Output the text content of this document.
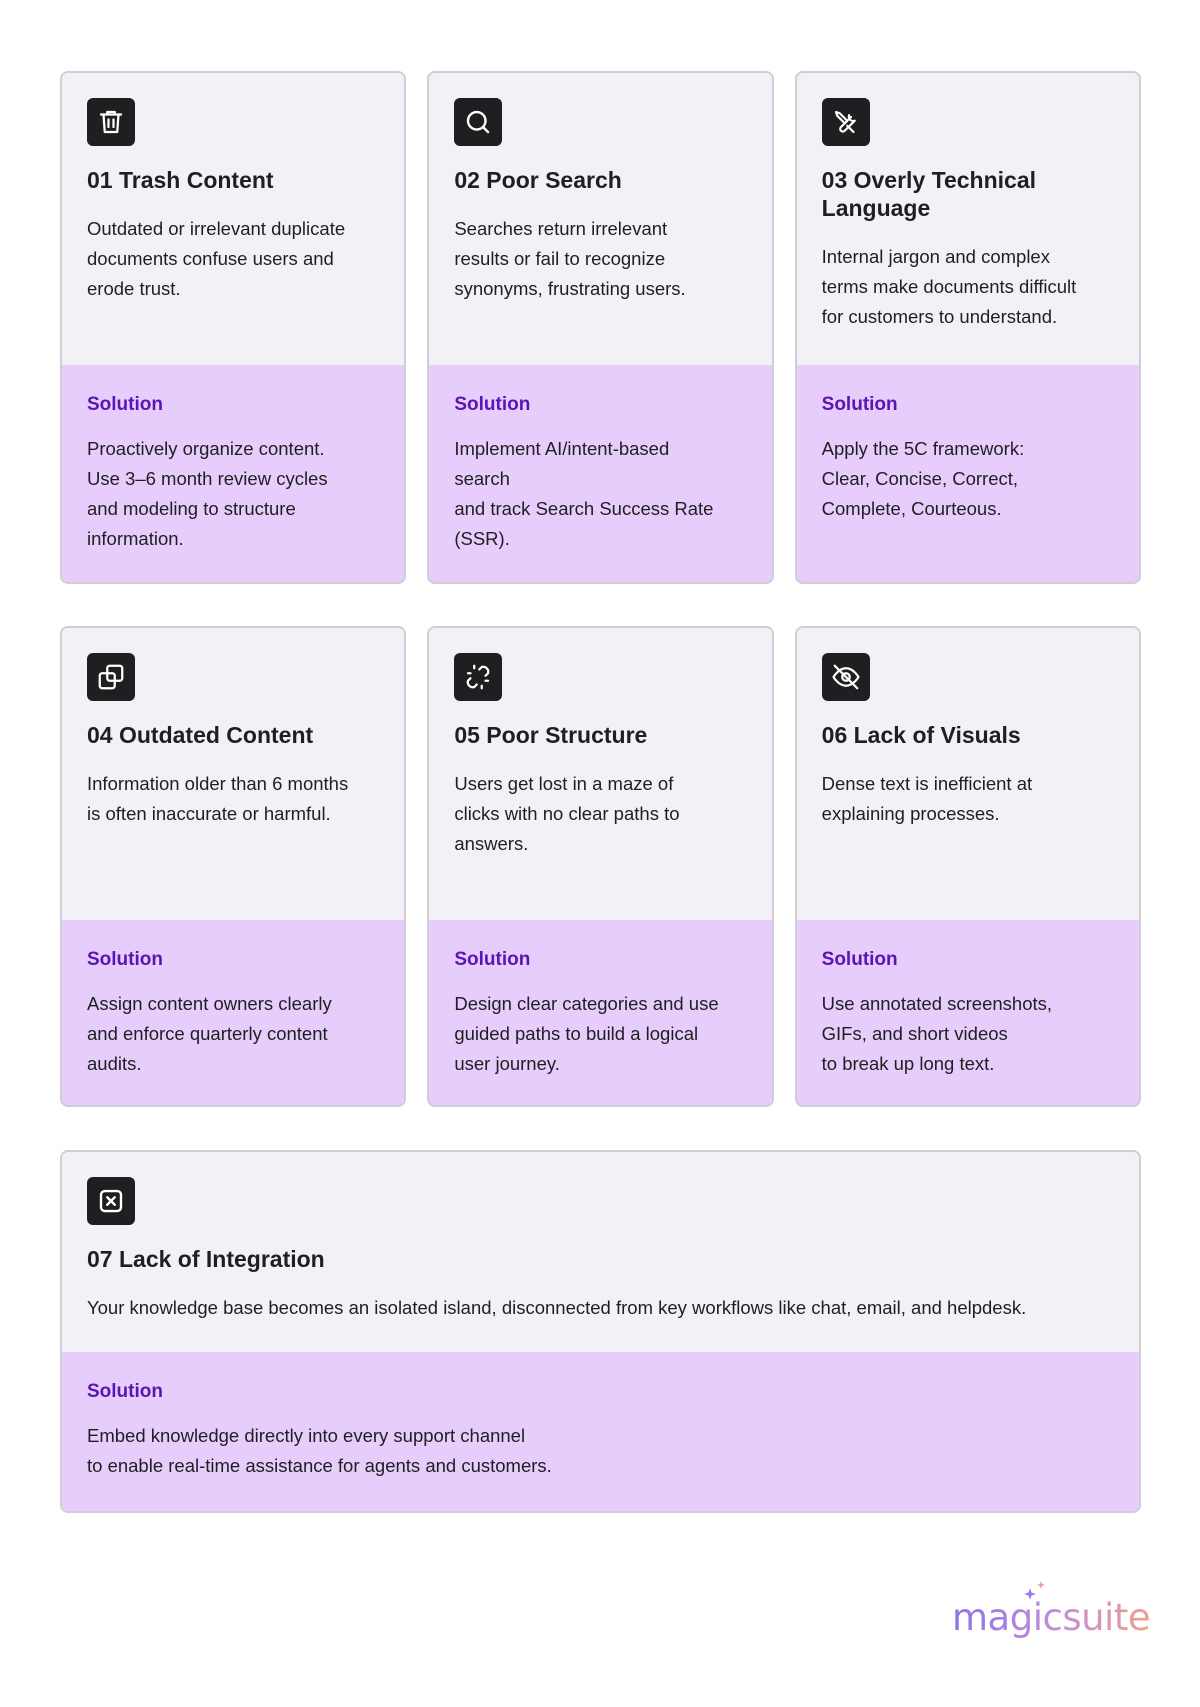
01 Trash Content
Outdated or irrelevant duplicate
documents confuse users and
erode trust.
Solution
Proactively organize content.
Use 3–6 month review cycles
and modeling to structure
information.
02 Poor Search
Searches return irrelevant
results or fail to recognize
synonyms, frustrating users.
Solution
Implement AI/intent-based
search
and track Search Success Rate
(SSR).
03 Overly Technical
Language
Internal jargon and complex
terms make documents difficult
for customers to understand.
Solution
Apply the 5C framework:
Clear, Concise, Correct,
Complete, Courteous.
04 Outdated Content
Information older than 6 months
is often inaccurate or harmful.
Solution
Assign content owners clearly
and enforce quarterly content
audits.
05 Poor Structure
Users get lost in a maze of
clicks with no clear paths to
answers.
Solution
Design clear categories and use
guided paths to build a logical
user journey.
06 Lack of Visuals
Dense text is inefficient at
explaining processes.
Solution
Use annotated screenshots,
GIFs, and short videos
to break up long text.
07 Lack of Integration
Your knowledge base becomes an isolated island, disconnected from key workflows like chat, email, and helpdesk.
Solution
Embed knowledge directly into every support channel
to enable real-time assistance for agents and customers.
magicsuite
